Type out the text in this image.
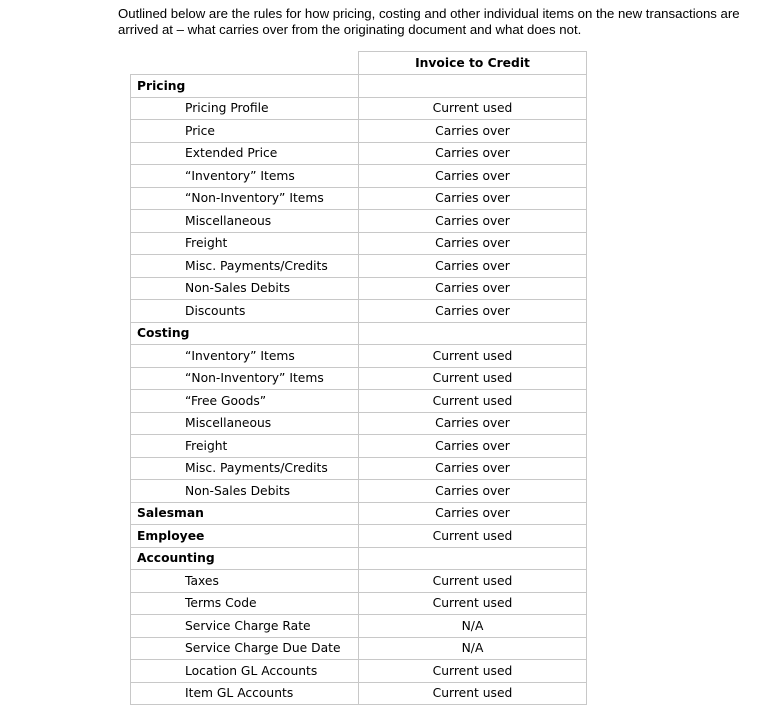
Outlined below are the rules for how pricing, costing and other individual items on the new transactions are

arrived at – what carries over from the originating document and what does not.

	Invoice to Credit
Pricing	
Pricing Profile	Current used
Price	Carries over
Extended Price	Carries over
“Inventory” Items	Carries over
“Non-Inventory” Items	Carries over
Miscellaneous	Carries over
Freight	Carries over
Misc. Payments/Credits	Carries over
Non-Sales Debits	Carries over
Discounts	Carries over
Costing	
“Inventory” Items	Current used
“Non-Inventory” Items	Current used
“Free Goods”	Current used
Miscellaneous	Carries over
Freight	Carries over
Misc. Payments/Credits	Carries over
Non-Sales Debits	Carries over
Salesman	Carries over
Employee	Current used
Accounting	
Taxes	Current used
Terms Code	Current used
Service Charge Rate	N/A
Service Charge Due Date	N/A
Location GL Accounts	Current used
Item GL Accounts	Current used
